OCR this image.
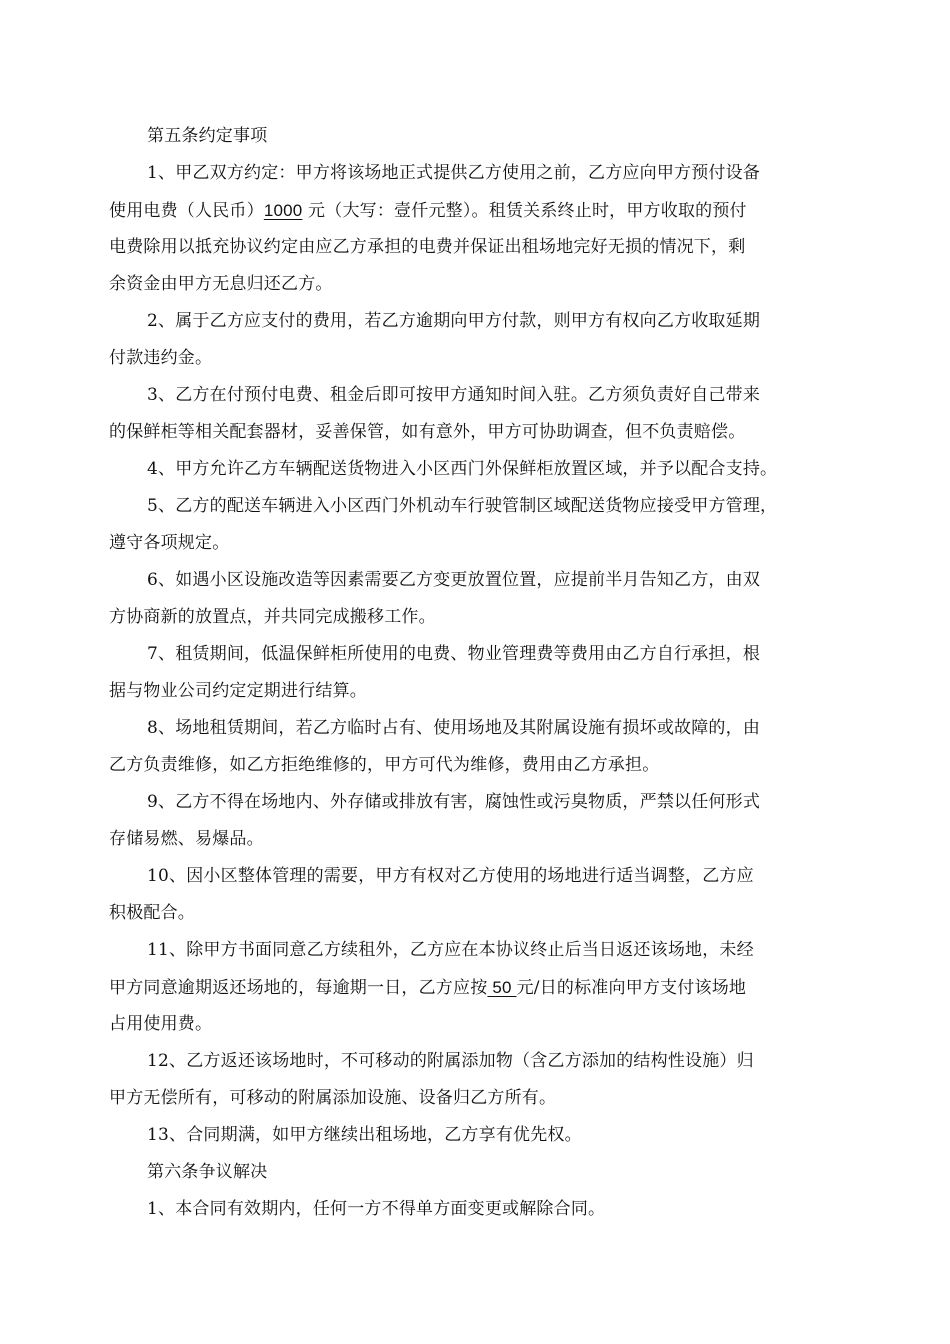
第五条约定事项
1、甲乙双方约定：甲方将该场地正式提供乙方使用之前，乙方应向甲方预付设备
使用电费（人民币）1000 元（大写：壹仟元整）。租赁关系终止时，甲方收取的预付
电费除用以抵充协议约定由应乙方承担的电费并保证出租场地完好无损的情况下，剩
余资金由甲方无息归还乙方。
2、属于乙方应支付的费用，若乙方逾期向甲方付款，则甲方有权向乙方收取延期
付款违约金。
3、乙方在付预付电费、租金后即可按甲方通知时间入驻。乙方须负责好自己带来
的保鲜柜等相关配套器材，妥善保管，如有意外，甲方可协助调查，但不负责赔偿。
4、甲方允许乙方车辆配送货物进入小区西门外保鲜柜放置区域，并予以配合支持。
5、乙方的配送车辆进入小区西门外机动车行驶管制区域配送货物应接受甲方管理，
遵守各项规定。
6、如遇小区设施改造等因素需要乙方变更放置位置，应提前半月告知乙方，由双
方协商新的放置点，并共同完成搬移工作。
7、租赁期间，低温保鲜柜所使用的电费、物业管理费等费用由乙方自行承担，根
据与物业公司约定定期进行结算。
8、场地租赁期间，若乙方临时占有、使用场地及其附属设施有损坏或故障的，由
乙方负责维修，如乙方拒绝维修的，甲方可代为维修，费用由乙方承担。
9、乙方不得在场地内、外存储或排放有害，腐蚀性或污臭物质，严禁以任何形式
存储易燃、易爆品。
10、因小区整体管理的需要，甲方有权对乙方使用的场地进行适当调整，乙方应
积极配合。
11、除甲方书面同意乙方续租外，乙方应在本协议终止后当日返还该场地，未经
甲方同意逾期返还场地的，每逾期一日，乙方应按 50 元/日的标准向甲方支付该场地
占用使用费。
12、乙方返还该场地时，不可移动的附属添加物（含乙方添加的结构性设施）归
甲方无偿所有，可移动的附属添加设施、设备归乙方所有。
13、合同期满，如甲方继续出租场地，乙方享有优先权。
第六条争议解决
1、本合同有效期内，任何一方不得单方面变更或解除合同。
